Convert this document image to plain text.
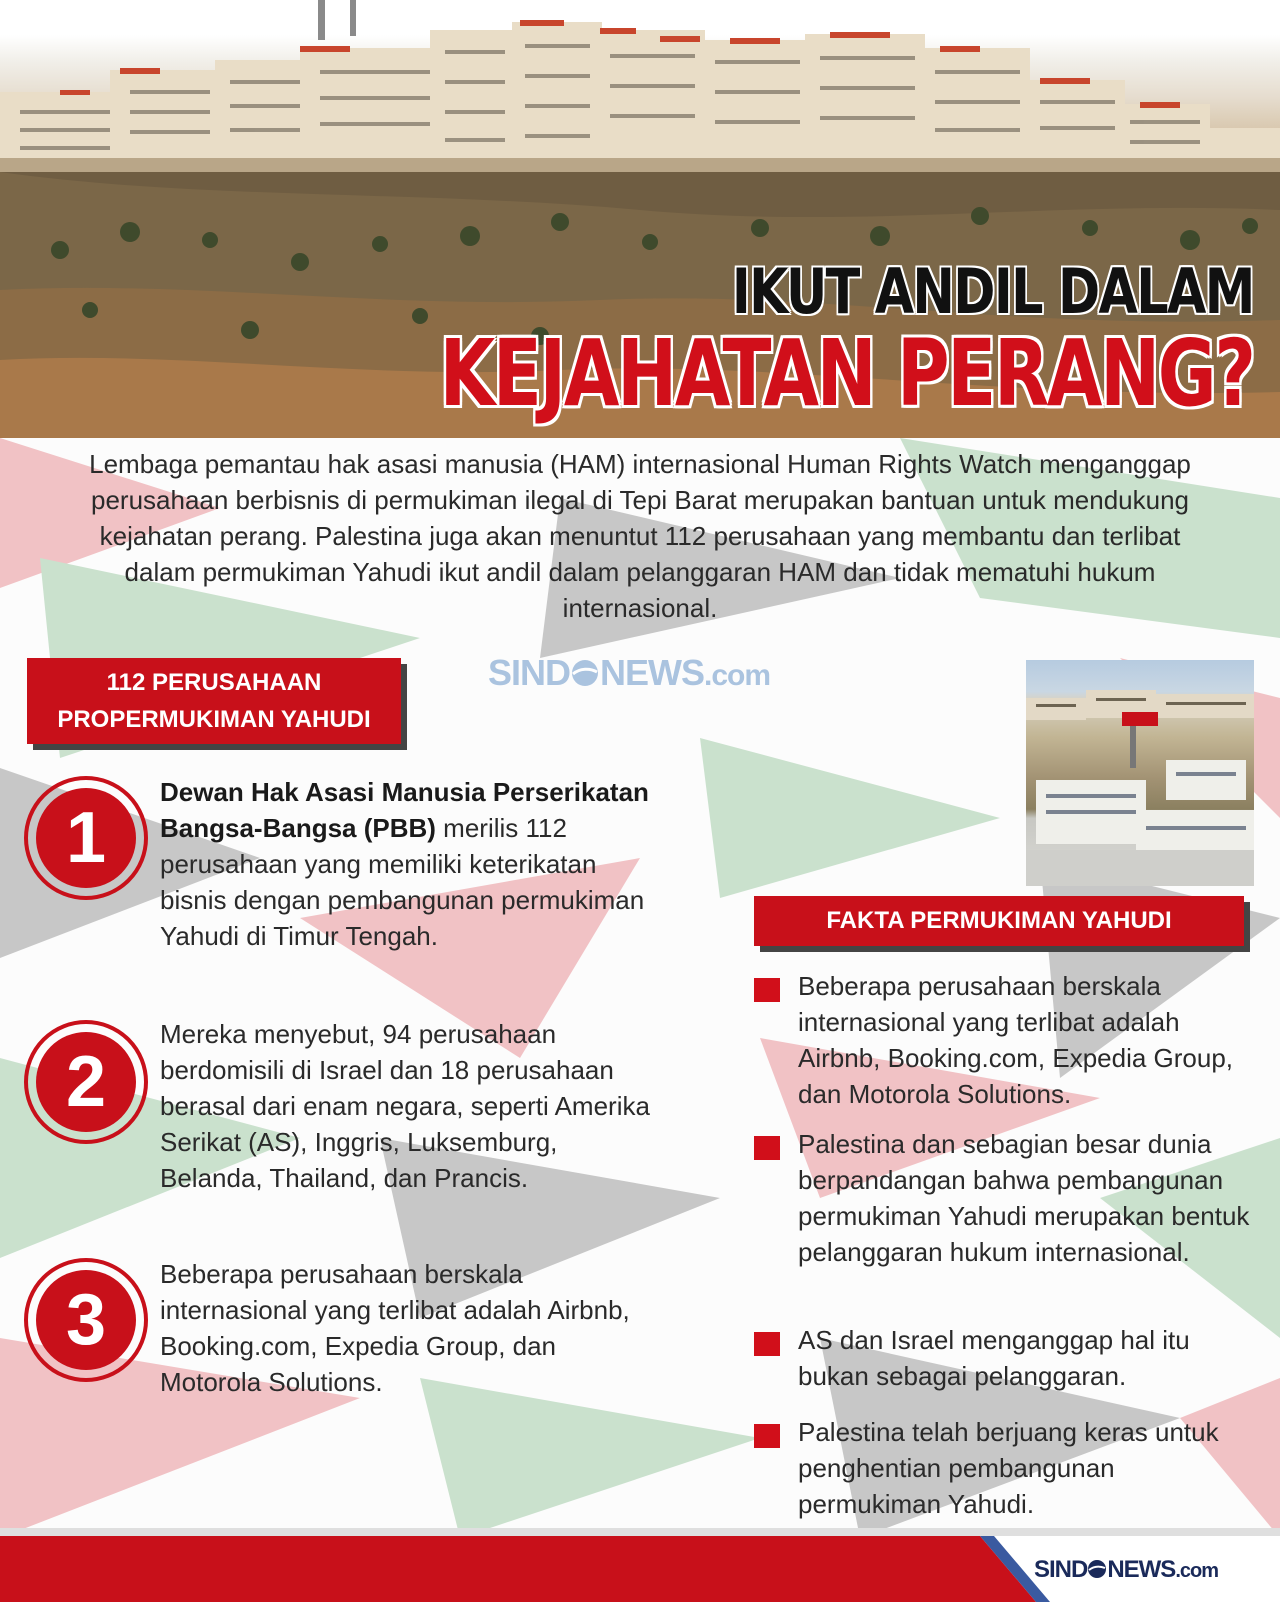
IKUT ANDIL DALAM
KEJAHATAN PERANG?

Lembaga pemantau hak asasi manusia (HAM) internasional Human Rights Watch menganggap perusahaan berbisnis di permukiman ilegal di Tepi Barat merupakan bantuan untuk mendukung kejahatan perang. Palestina juga akan menuntut 112 perusahaan yang membantu dan terlibat dalam permukiman Yahudi ikut andil dalam pelanggaran HAM dan tidak mematuhi hukum internasional.

SIND NEWS.com
112 PERUSAHAAN
PROPERMUKIMAN YAHUDI
1
Dewan Hak Asasi Manusia Perserikatan Bangsa-Bangsa (PBB) merilis 112 perusahaan yang memiliki keterikatan bisnis dengan pembangunan permukiman Yahudi di Timur Tengah.
2
Mereka menyebut, 94 perusahaan berdomisili di Israel dan 18 perusahaan berasal dari enam negara, seperti Amerika Serikat (AS), Inggris, Luksemburg, Belanda, Thailand, dan Prancis.
3
Beberapa perusahaan berskala internasional yang terlibat adalah Airbnb, Booking.com, Expedia Group, dan Motorola Solutions.
FAKTA PERMUKIMAN YAHUDI
Beberapa perusahaan berskala internasional yang terlibat adalah Airbnb, Booking.com, Expedia Group, dan Motorola Solutions.
Palestina dan sebagian besar dunia berpandangan bahwa pembangunan permukiman Yahudi merupakan bentuk pelanggaran hukum internasional.
AS dan Israel menganggap hal itu bukan sebagai pelanggaran.
Palestina telah berjuang keras untuk penghentian pembangunan permukiman Yahudi.
SIND NEWS.com
